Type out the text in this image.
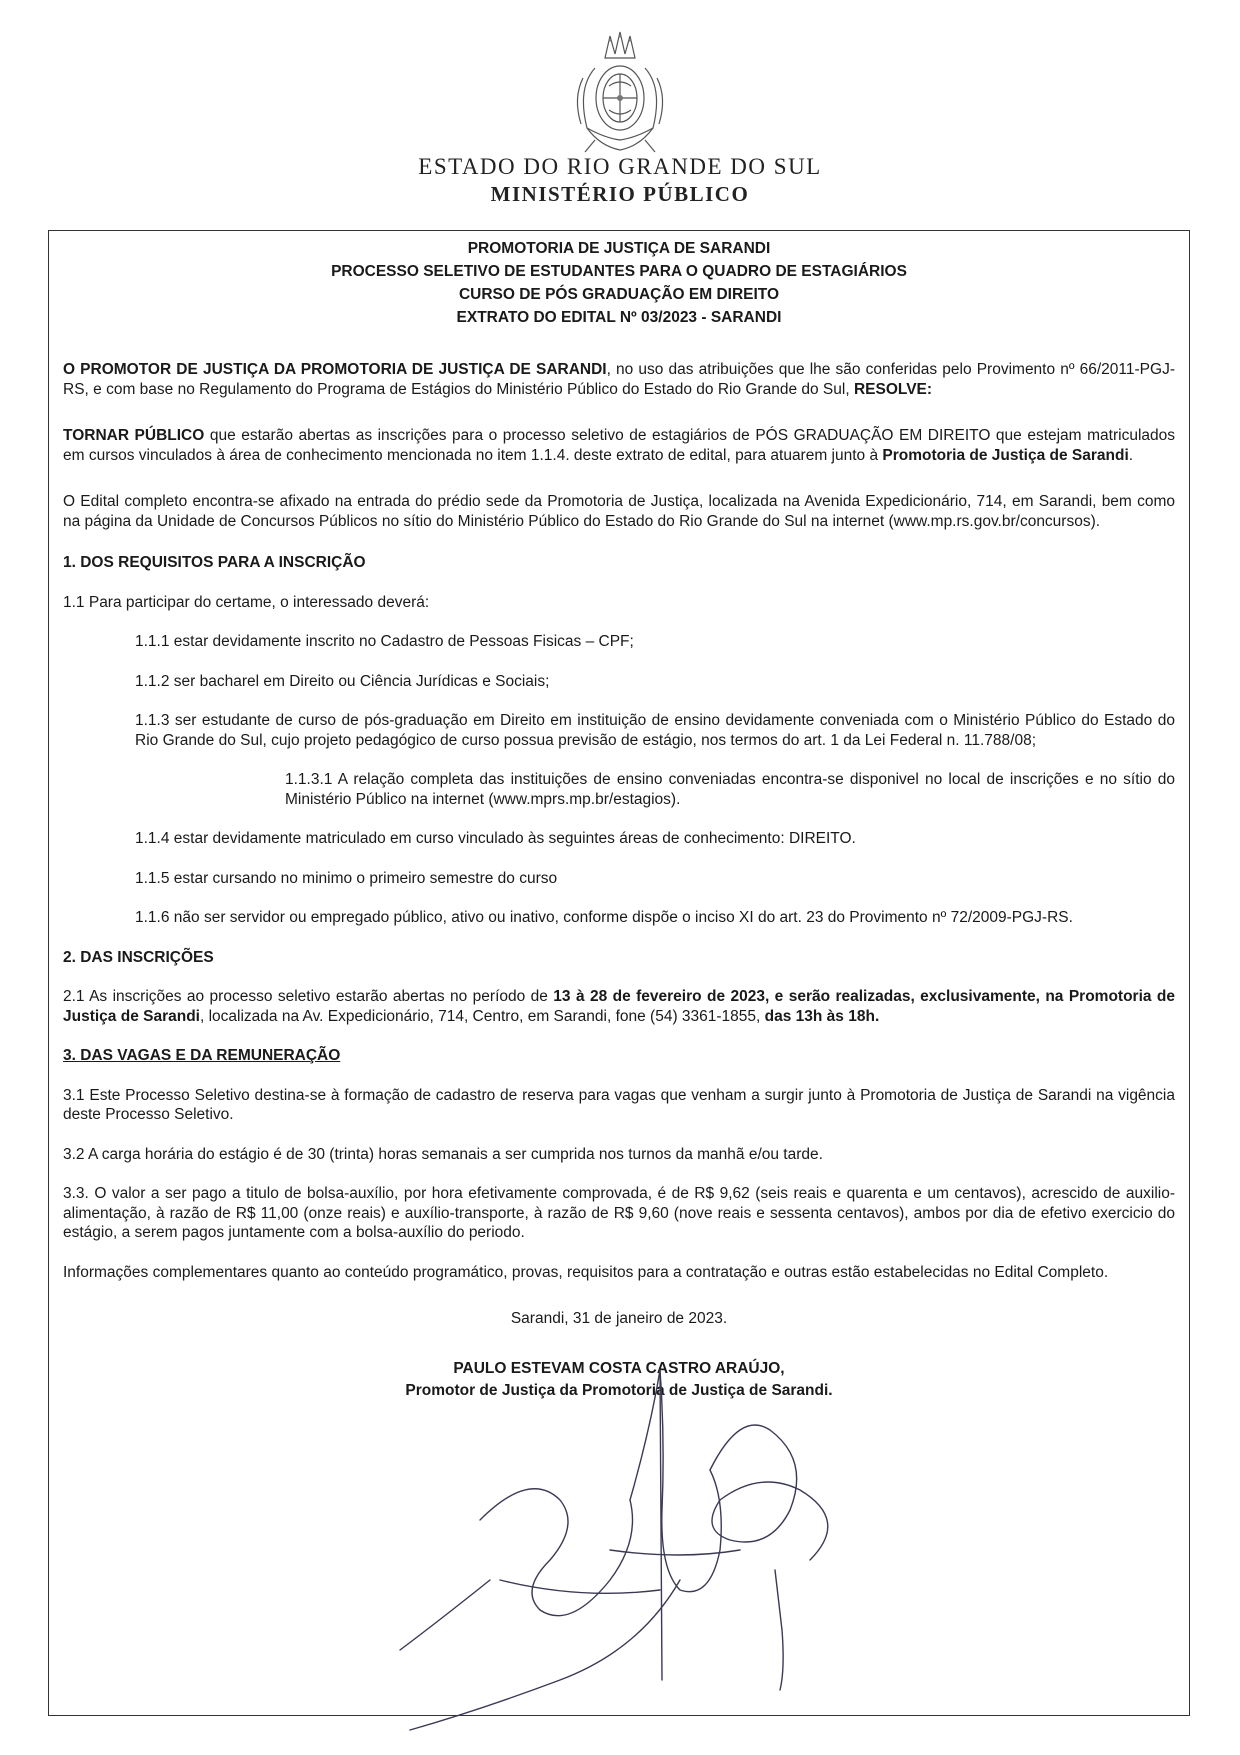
ESTADO DO RIO GRANDE DO SUL
MINISTÉRIO PÚBLICO
PROMOTORIA DE JUSTIÇA DE SARANDI
PROCESSO SELETIVO DE ESTUDANTES PARA O QUADRO DE ESTAGIÁRIOS
CURSO DE PÓS GRADUAÇÃO EM DIREITO
EXTRATO DO EDITAL Nº 03/2023 - SARANDI

O PROMOTOR DE JUSTIÇA DA PROMOTORIA DE JUSTIÇA DE SARANDI, no uso das atribuições que lhe são conferidas pelo Provimento nº 66/2011-PGJ-RS, e com base no Regulamento do Programa de Estágios do Ministério Público do Estado do Rio Grande do Sul, RESOLVE:

TORNAR PÚBLICO que estarão abertas as inscrições para o processo seletivo de estagiários de PÓS GRADUAÇÃO EM DIREITO que estejam matriculados em cursos vinculados à área de conhecimento mencionada no item 1.1.4. deste extrato de edital, para atuarem junto à Promotoria de Justiça de Sarandi.

O Edital completo encontra-se afixado na entrada do prédio sede da Promotoria de Justiça, localizada na Avenida Expedicionário, 714, em Sarandi, bem como na página da Unidade de Concursos Públicos no sítio do Ministério Público do Estado do Rio Grande do Sul na internet (www.mp.rs.gov.br/concursos).

1. DOS REQUISITOS PARA A INSCRIÇÃO

1.1 Para participar do certame, o interessado deverá:

1.1.1 estar devidamente inscrito no Cadastro de Pessoas Fisicas – CPF;

1.1.2 ser bacharel em Direito ou Ciência Jurídicas e Sociais;

1.1.3 ser estudante de curso de pós-graduação em Direito em instituição de ensino devidamente conveniada com o Ministério Público do Estado do Rio Grande do Sul, cujo projeto pedagógico de curso possua previsão de estágio, nos termos do art. 1 da Lei Federal n. 11.788/08;

1.1.3.1 A relação completa das instituições de ensino conveniadas encontra-se disponivel no local de inscrições e no sítio do Ministério Público na internet (www.mprs.mp.br/estagios).

1.1.4 estar devidamente matriculado em curso vinculado às seguintes áreas de conhecimento: DIREITO.

1.1.5 estar cursando no minimo o primeiro semestre do curso

1.1.6 não ser servidor ou empregado público, ativo ou inativo, conforme dispõe o inciso XI do art. 23 do Provimento nº 72/2009-PGJ-RS.

2. DAS INSCRIÇÕES

2.1 As inscrições ao processo seletivo estarão abertas no período de 13 à 28 de fevereiro de 2023, e serão realizadas, exclusivamente, na Promotoria de Justiça de Sarandi, localizada na Av. Expedicionário, 714, Centro, em Sarandi, fone (54) 3361-1855, das 13h às 18h.

3. DAS VAGAS E DA REMUNERAÇÃO

3.1 Este Processo Seletivo destina-se à formação de cadastro de reserva para vagas que venham a surgir junto à Promotoria de Justiça de Sarandi na vigência deste Processo Seletivo.

3.2 A carga horária do estágio é de 30 (trinta) horas semanais a ser cumprida nos turnos da manhã e/ou tarde.

3.3. O valor a ser pago a titulo de bolsa-auxílio, por hora efetivamente comprovada, é de R$ 9,62 (seis reais e quarenta e um centavos), acrescido de auxilio-alimentação, à razão de R$ 11,00 (onze reais) e auxílio-transporte, à razão de R$ 9,60 (nove reais e sessenta centavos), ambos por dia de efetivo exercicio do estágio, a serem pagos juntamente com a bolsa-auxílio do periodo.

Informações complementares quanto ao conteúdo programático, provas, requisitos para a contratação e outras estão estabelecidas no Edital Completo.

Sarandi, 31 de janeiro de 2023.
PAULO ESTEVAM COSTA CASTRO ARAÚJO,
Promotor de Justiça da Promotoria de Justiça de Sarandi.
